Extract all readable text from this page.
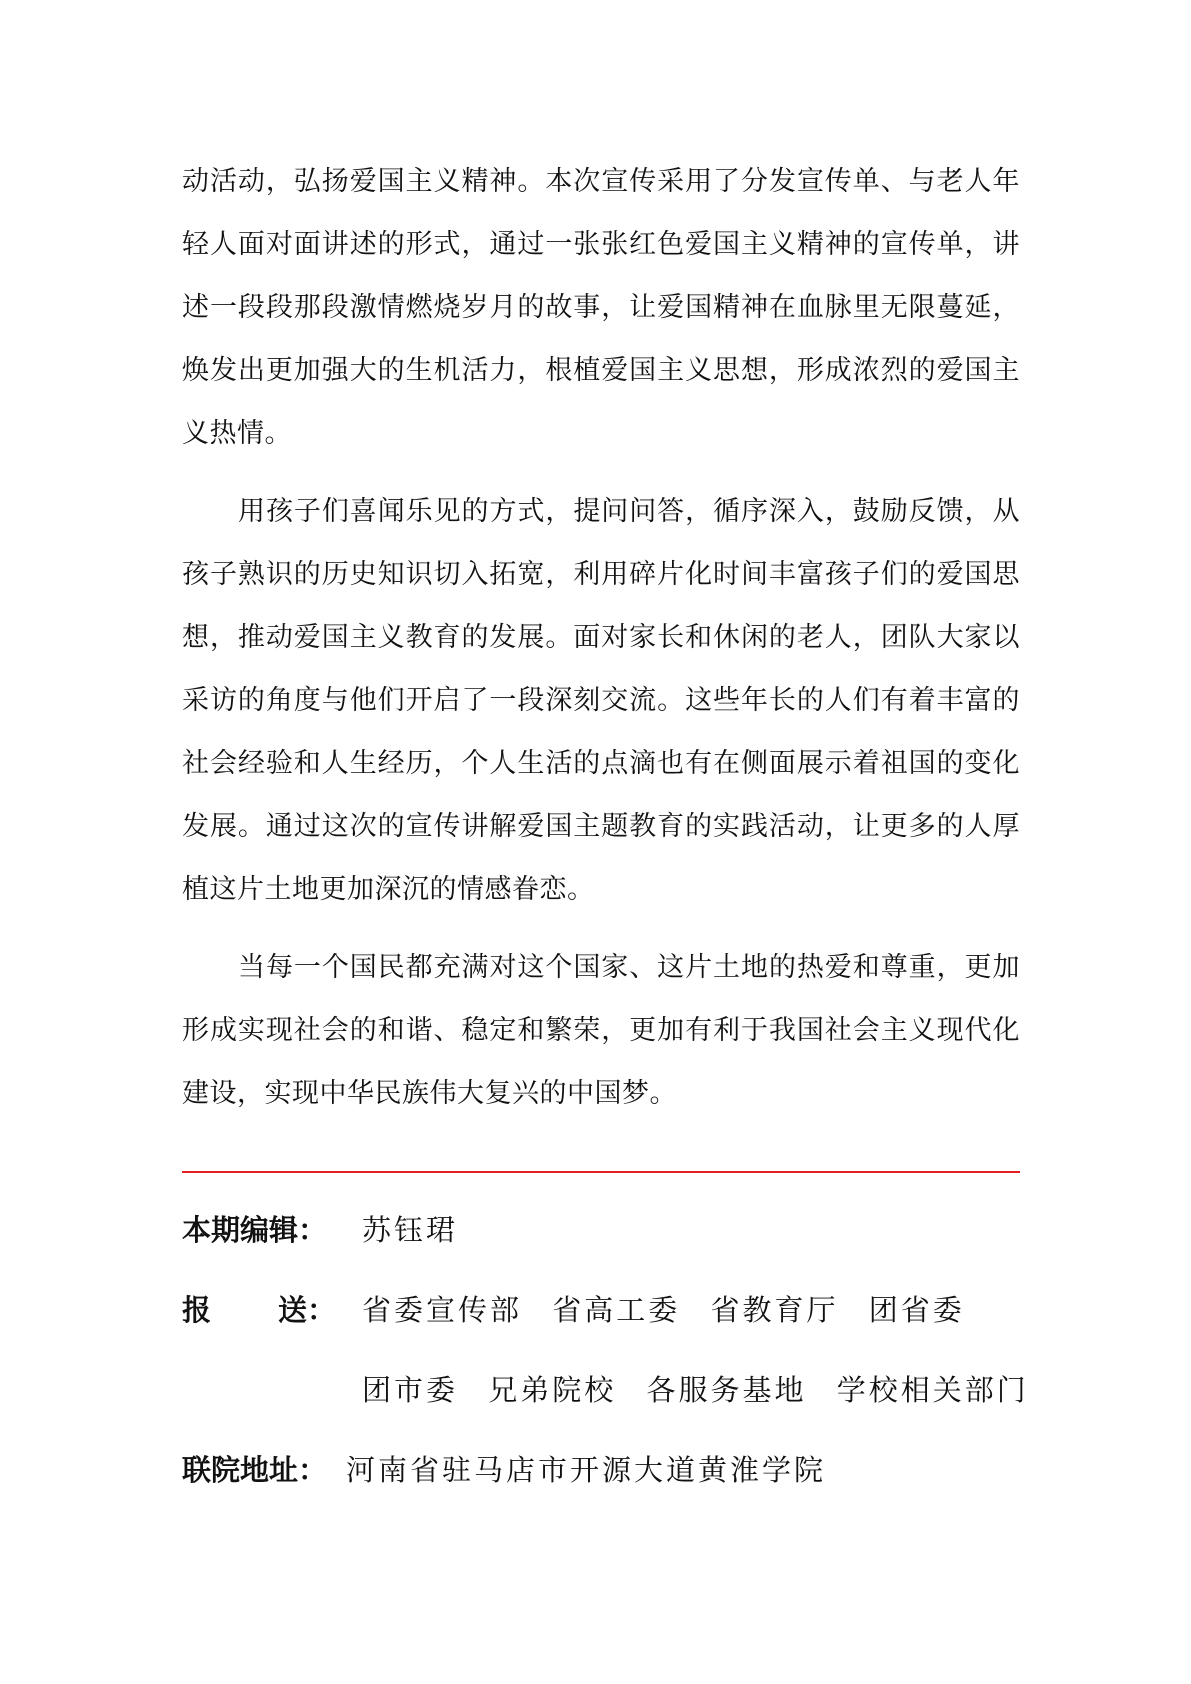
动活动，弘扬爱国主义精神。本次宣传采用了分发宣传单、与老人年轻人面对面讲述的形式，通过一张张红色爱国主义精神的宣传单，讲述一段段那段激情燃烧岁月的故事，让爱国精神在血脉里无限蔓延，焕发出更加强大的生机活力，根植爱国主义思想，形成浓烈的爱国主义热情。

用孩子们喜闻乐见的方式，提问问答，循序深入，鼓励反馈，从孩子熟识的历史知识切入拓宽，利用碎片化时间丰富孩子们的爱国思想，推动爱国主义教育的发展。面对家长和休闲的老人，团队大家以采访的角度与他们开启了一段深刻交流。这些年长的人们有着丰富的社会经验和人生经历，个人生活的点滴也有在侧面展示着祖国的变化发展。通过这次的宣传讲解爱国主题教育的实践活动，让更多的人厚植这片土地更加深沉的情感眷恋。

当每一个国民都充满对这个国家、这片土地的热爱和尊重，更加形成实现社会的和谐、稳定和繁荣，更加有利于我国社会主义现代化建设，实现中华民族伟大复兴的中国梦。

本期编辑： 苏钰珺
报 送： 省委宣传部 省高工委 省教育厅 团省委
团市委 兄弟院校 各服务基地 学校相关部门
联院地址： 河南省驻马店市开源大道黄淮学院
